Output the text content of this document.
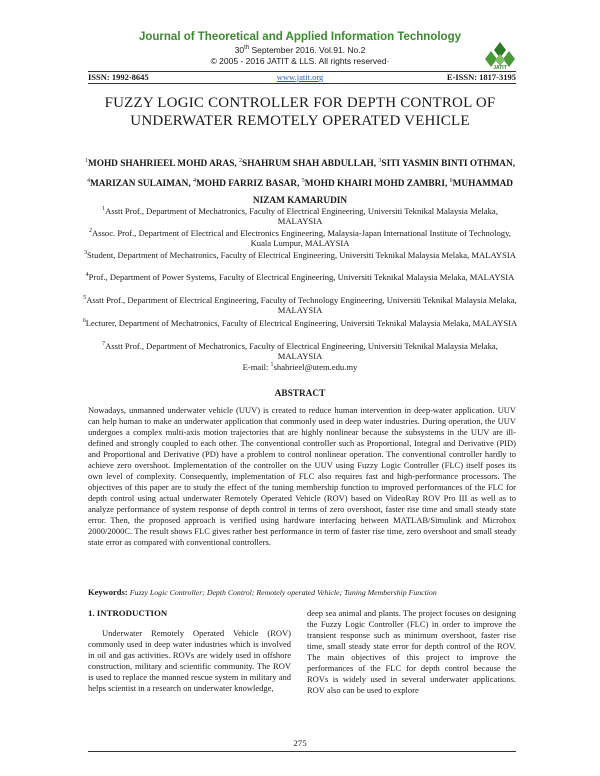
Journal of Theoretical and Applied Information Technology
30th September 2016. Vol.91. No.2
© 2005 - 2016 JATIT & LLS. All rights reserved·
JATIT
ISSN: 1992-8645	www.jatit.org	E-ISSN: 1817-3195
FUZZY LOGIC CONTROLLER FOR DEPTH CONTROL OF UNDERWATER REMOTELY OPERATED VEHICLE
$^1$MOHD SHAHRIEEL MOHD ARAS, $^2$SHAHRUM SHAH ABDULLAH, $^3$SITI YASMIN BINTI OTHMAN, $^4$MARIZAN SULAIMAN, $^4$MOHD FARRIZ BASAR, $^5$MOHD KHAIRI MOHD ZAMBRI, $^6$MUHAMMAD NIZAM KAMARUDIN
$^1$Asstt Prof., Department of Mechatronics, Faculty of Electrical Engineering, Universiti Teknikal Malaysia Melaka, MALAYSIA
$^2$Assoc. Prof., Department of Electrical and Electronics Engineering, Malaysia-Japan International Institute of Technology, Kuala Lumpur, MALAYSIA
$^3$Student, Department of Mechatronics, Faculty of Electrical Engineering, Universiti Teknikal Malaysia Melaka, MALAYSIA
$^4$Prof., Department of Power Systems, Faculty of Electrical Engineering, Universiti Teknikal Malaysia Melaka, MALAYSIA
$^5$Asstt Prof., Department of Electrical Engineering, Faculty of Technology Engineering, Universiti Teknikal Malaysia Melaka, MALAYSIA
$^6$Lecturer, Department of Mechatronics, Faculty of Electrical Engineering, Universiti Teknikal Malaysia Melaka, MALAYSIA
$^7$Asstt Prof., Department of Mechatronics, Faculty of Electrical Engineering, Universiti Teknikal Malaysia Melaka, MALAYSIA
E-mail: $^1$shahrieel@utem.edu.my
ABSTRACT
Nowadays, unmanned underwater vehicle (UUV) is created to reduce human intervention in deep-water application. UUV can help human to make an underwater application that commonly used in deep water industries. During operation, the UUV undergoes a complex multi-axis motion trajectories that are highly nonlinear because the subsystems in the UUV are ill-defined and strongly coupled to each other. The conventional controller such as Proportional, Integral and Derivative (PID) and Proportional and Derivative (PD) have a problem to control nonlinear operation. The conventional controller hardly to achieve zero overshoot. Implementation of the controller on the UUV using Fuzzy Logic Controller (FLC) itself poses its own level of complexity. Consequently, implementation of FLC also requires fast and high-performance processors. The objectives of this paper are to study the effect of the tuning membership function to improved performances of the FLC for depth control using actual underwater Remotely Operated Vehicle (ROV) based on VideoRay ROV Pro III as well as to analyze performance of system response of depth control in terms of zero overshoot, faster rise time and small steady state error. Then, the proposed approach is verified using hardware interfacing between MATLAB/Simulink and Microbox 2000/2000C. The result shows FLC gives rather best performance in term of faster rise time, zero overshoot and small steady state error as compared with conventional controllers.
Keywords: Fuzzy Logic Controller; Depth Control; Remotely operated Vehicle; Tuning Membership Function
1. INTRODUCTION
Underwater Remotely Operated Vehicle (ROV) commonly used in deep water industries which is involved in oil and gas activities. ROVs are widely used in offshore construction, military and scientific community. The ROV is used to replace the manned rescue system in military and helps scientist in a research on underwater knowledge,
deep sea animal and plants. The project focuses on designing the Fuzzy Logic Controller (FLC) in order to improve the transient response such as minimum overshoot, faster rise time, small steady state error for depth control of the ROV. The main objectives of this project to improve the performances of the FLC for depth control because the ROVs is widely used in several underwater applications. ROV also can be used to explore
275
